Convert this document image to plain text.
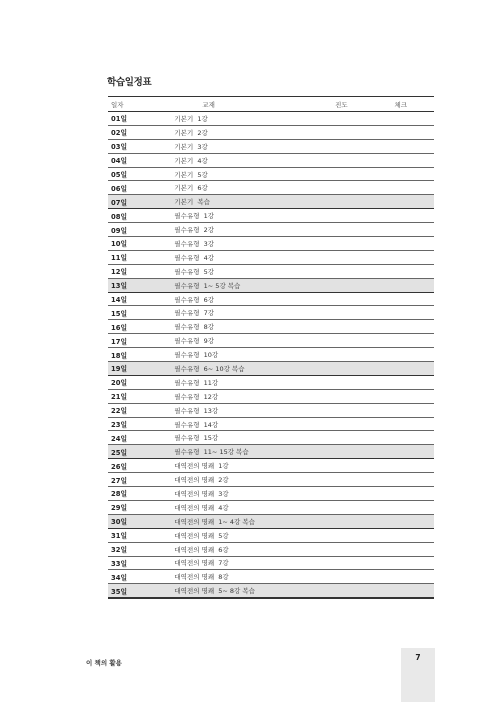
학습일정표
일자	교재	진도	체크
01일	기본기  1강
02일	기본기  2강
03일	기본기  3강
04일	기본기  4강
05일	기본기  5강
06일	기본기  6강
07일	기본기  복습
08일	필수유형  1강
09일	필수유형  2강
10일	필수유형  3강
11일	필수유형  4강
12일	필수유형  5강
13일	필수유형  1~ 5강 복습
14일	필수유형  6강
15일	필수유형  7강
16일	필수유형  8강
17일	필수유형  9강
18일	필수유형  10강
19일	필수유형  6~ 10강 복습
20일	필수유형  11강
21일	필수유형  12강
22일	필수유형  13강
23일	필수유형  14강
24일	필수유형  15강
25일	필수유형  11~ 15강 복습
26일	대역전의 명쾌  1강
27일	대역전의 명쾌  2강
28일	대역전의 명쾌  3강
29일	대역전의 명쾌  4강
30일	대역전의 명쾌  1~ 4강 복습
31일	대역전의 명쾌  5강
32일	대역전의 명쾌  6강
33일	대역전의 명쾌  7강
34일	대역전의 명쾌  8강
35일	대역전의 명쾌  5~ 8강 복습
이 책의 활용
7
